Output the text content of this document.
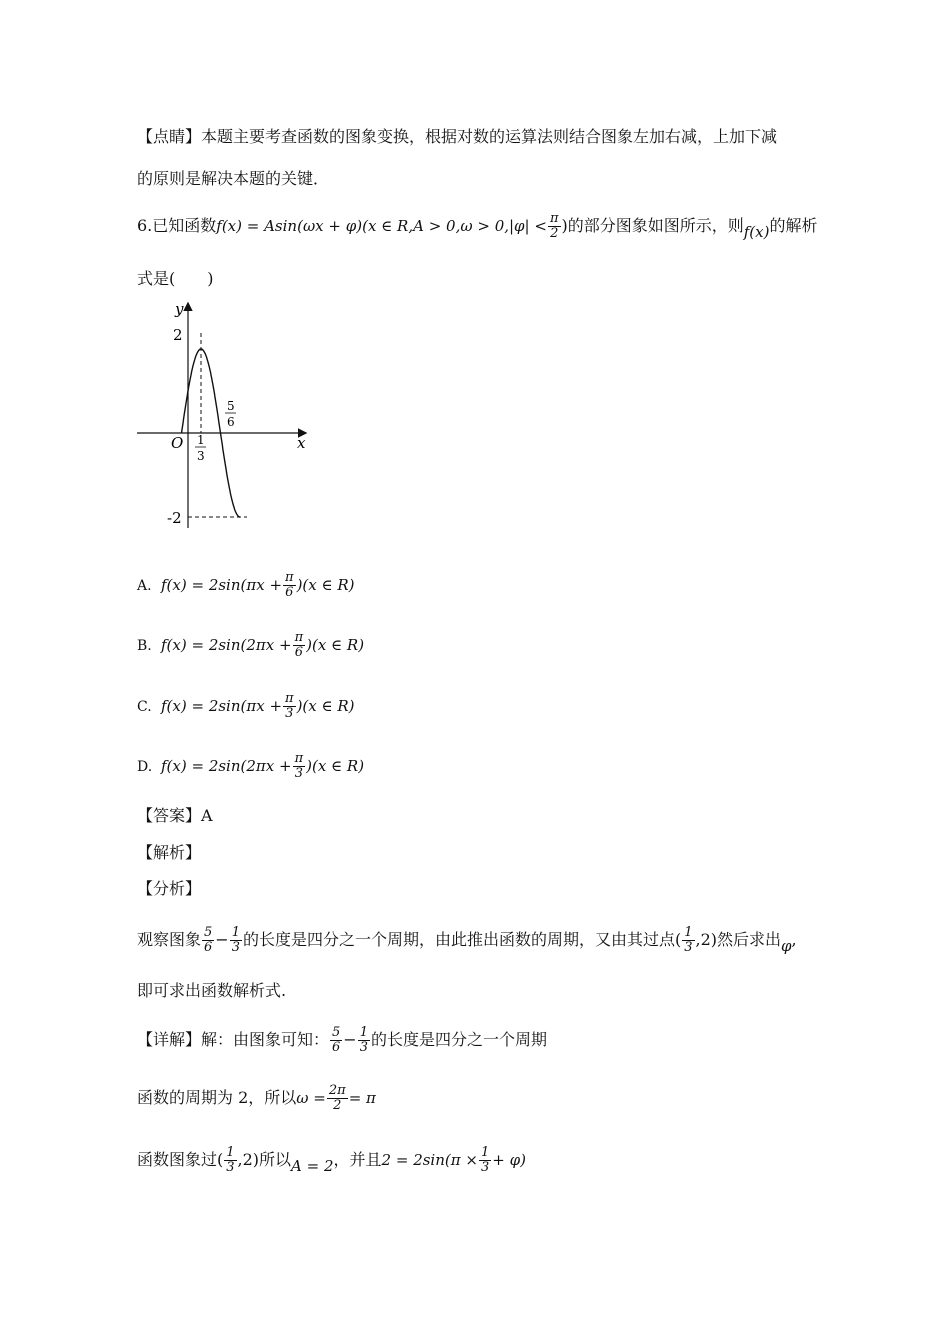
【点睛】本题主要考查函数的图象变换，根据对数的运算法则结合图象左加右减，上加下减
的原则是解决本题的关键．
6.已知函数f(x) = Asin(ωx + φ)(x ∈ $R,A > 0,\omega > 0,|\varphi| < \frac{\pi}{2}$ )的部分图象如图所示，则f(x)的解析
式是(　　)
y
x
O
2
-2
1
3
5
6
A. $f(x) = 2\sin(\pi x + \frac{\pi}{6} )(x$ ∈ R)
B. $f(x) = 2\sin(2\pi x + \frac{\pi}{6} )(x$ ∈ R)
C. $f(x) = 2\sin(\pi x + \frac{\pi}{3} )(x$ ∈ R)
D. $f(x) = 2\sin(2\pi x + \frac{\pi}{3} )(x$ ∈ R)
【答案】A
【解析】
【分析】
观察图象 $\frac{5}{6} - \frac{1}{3}$ 的长度是四分之一个周期，由此推出函数的周期，又由其过点( $\frac{1}{3} ,2$)然后求出φ,
即可求出函数解析式.
【详解】解：由图象可知： $\frac{5}{6} - \frac{1}{3}$ 的长度是四分之一个周期
函数的周期为 2，所以$\omega = \frac{2\pi}{2} = \pi$
函数图象过( $\frac{1}{3} ,2$)所以A = 2，并且$2 = 2\sin(\pi \times \frac{1}{3} + \varphi)$
